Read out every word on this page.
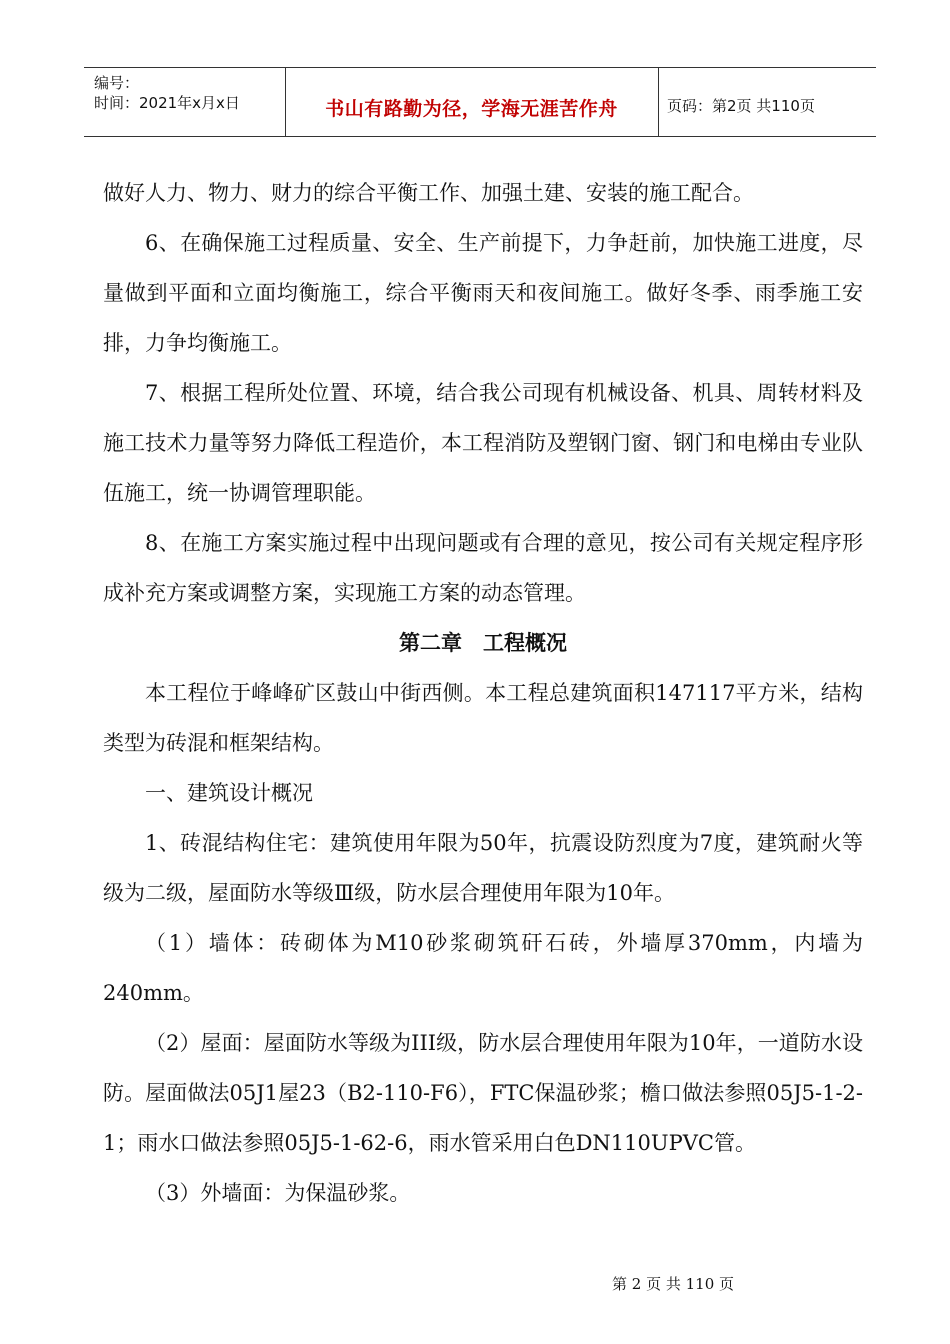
编号：
时间：2021年x月x日	书山有路勤为径，学海无涯苦作舟	页码：第2页 共110页

做好人力、物力、财力的综合平衡工作、加强土建、安装的施工配合。

6、在确保施工过程质量、安全、生产前提下，力争赶前，加快施工进度，尽量做到平面和立面均衡施工，综合平衡雨天和夜间施工。做好冬季、雨季施工安排，力争均衡施工。

7、根据工程所处位置、环境，结合我公司现有机械设备、机具、周转材料及施工技术力量等努力降低工程造价，本工程消防及塑钢门窗、钢门和电梯由专业队伍施工，统一协调管理职能。

8、在施工方案实施过程中出现问题或有合理的意见，按公司有关规定程序形成补充方案或调整方案，实现施工方案的动态管理。

第二章　工程概况

本工程位于峰峰矿区鼓山中街西侧。本工程总建筑面积147117平方米，结构类型为砖混和框架结构。

一、建筑设计概况

1、砖混结构住宅：建筑使用年限为50年，抗震设防烈度为7度，建筑耐火等级为二级，屋面防水等级Ⅲ级，防水层合理使用年限为10年。

（1）墙体：砖砌体为M10砂浆砌筑矸石砖，外墙厚370mm，内墙为240mm。

（2）屋面：屋面防水等级为III级，防水层合理使用年限为10年，一道防水设防。屋面做法05J1屋23（B2-110-F6），FTC保温砂浆；檐口做法参照05J5-1-2-1；雨水口做法参照05J5-1-62-6，雨水管采用白色DN110UPVC管。

（3）外墙面：为保温砂浆。

第 2 页 共 110 页
